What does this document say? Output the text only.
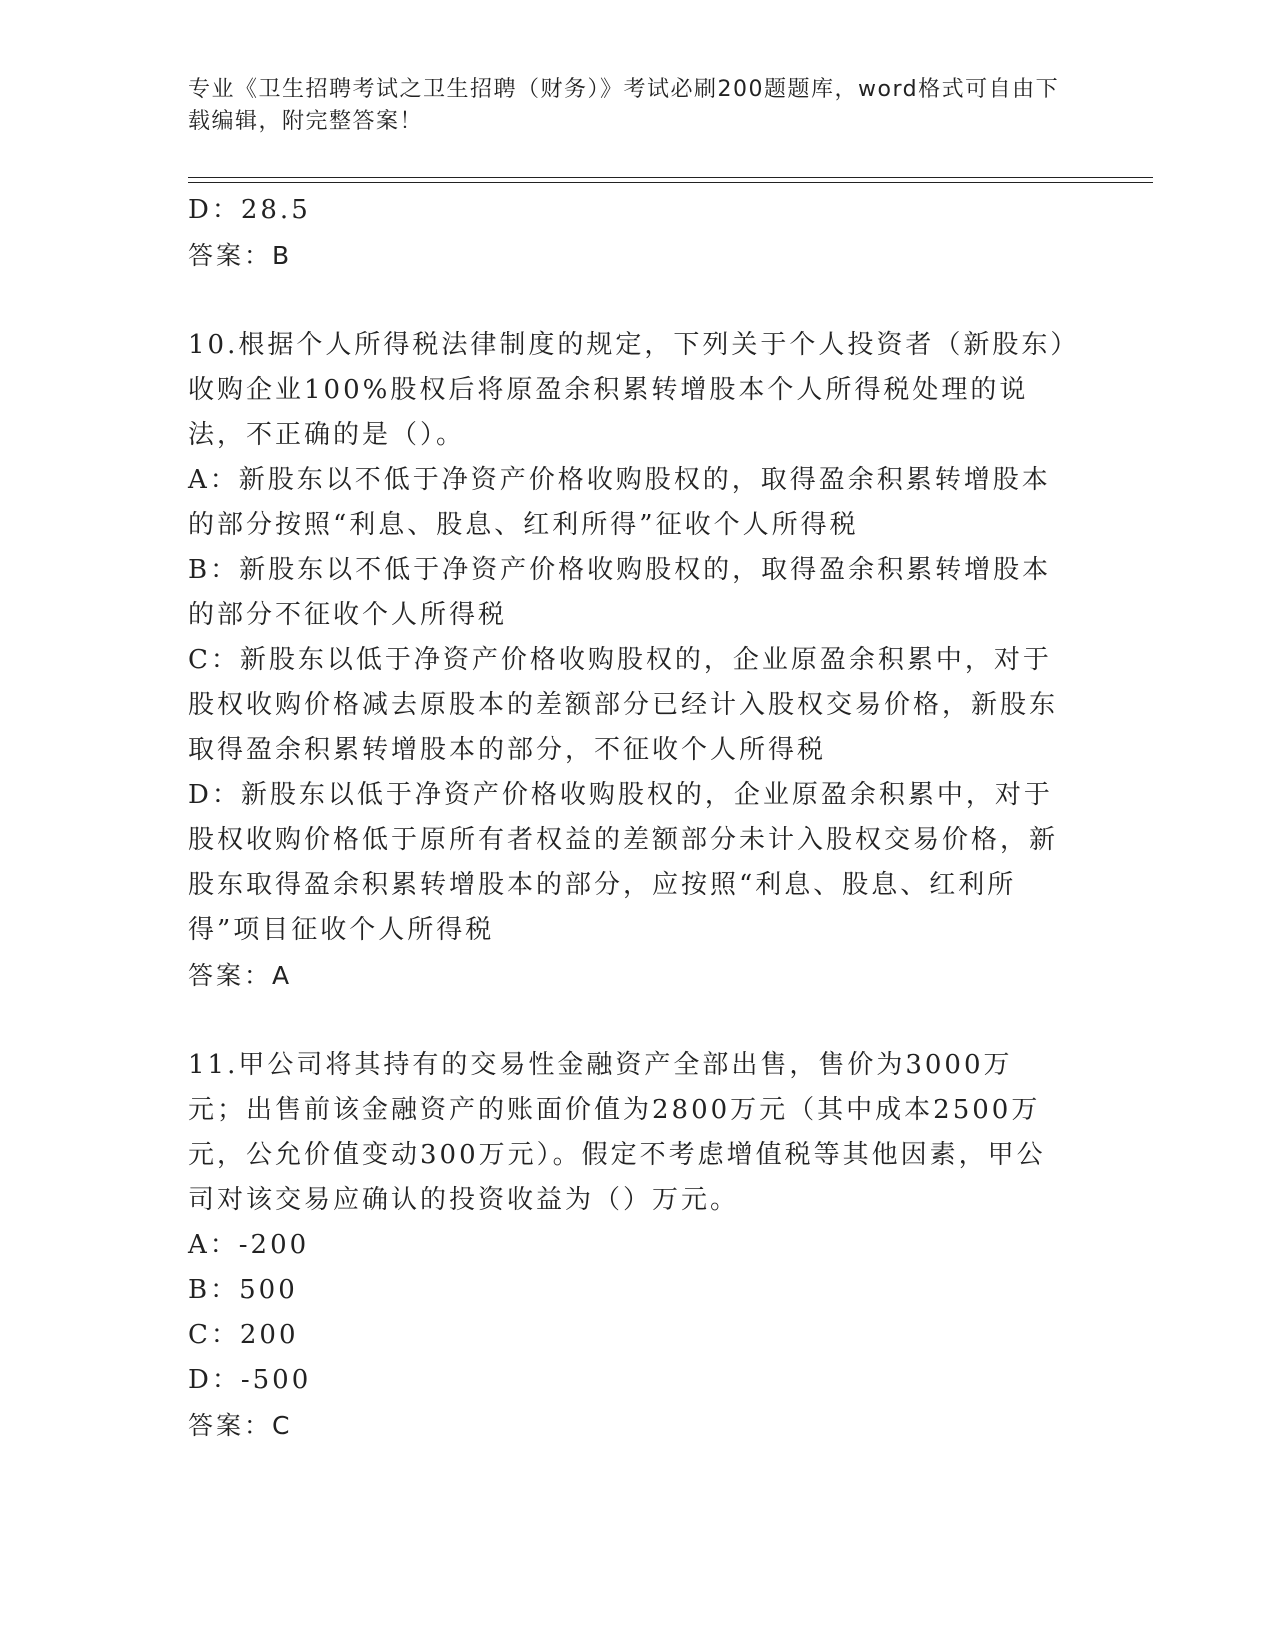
专业《卫生招聘考试之卫生招聘（财务）》考试必刷200题题库，word格式可自由下载编辑，附完整答案！

D：28.5

答案：B

10.根据个人所得税法律制度的规定，下列关于个人投资者（新股东）收购企业100%股权后将原盈余积累转增股本个人所得税处理的说法，不正确的是（）。

A：新股东以不低于净资产价格收购股权的，取得盈余积累转增股本的部分按照“利息、股息、红利所得”征收个人所得税

B：新股东以不低于净资产价格收购股权的，取得盈余积累转增股本的部分不征收个人所得税

C：新股东以低于净资产价格收购股权的，企业原盈余积累中，对于股权收购价格减去原股本的差额部分已经计入股权交易价格，新股东取得盈余积累转增股本的部分，不征收个人所得税

D：新股东以低于净资产价格收购股权的，企业原盈余积累中，对于股权收购价格低于原所有者权益的差额部分未计入股权交易价格，新股东取得盈余积累转增股本的部分，应按照“利息、股息、红利所得”项目征收个人所得税

答案：A

11.甲公司将其持有的交易性金融资产全部出售，售价为3000万元；出售前该金融资产的账面价值为2800万元（其中成本2500万元，公允价值变动300万元）。假定不考虑增值税等其他因素，甲公司对该交易应确认的投资收益为（）万元。

A：-200

B：500

C：200

D：-500

答案：C
